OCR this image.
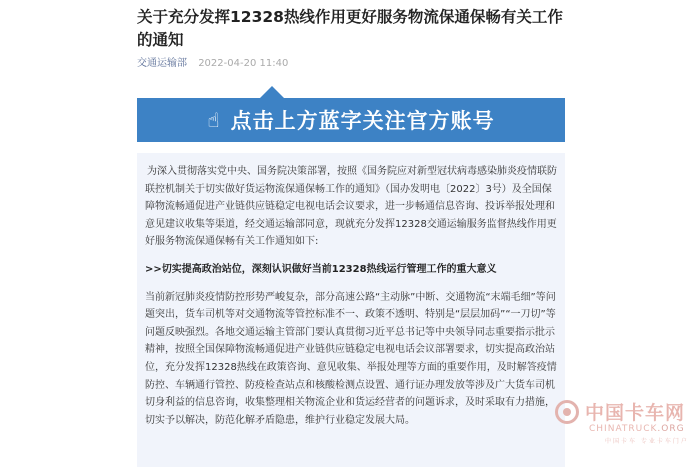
关于充分发挥12328热线作用更好服务物流保通保畅有关工作的通知
交通运输部 2022-04-20 11:40
☝ 点击上方蓝字关注官方账号

为深入贯彻落实党中央、国务院决策部署，按照《国务院应对新型冠状病毒感染肺炎疫情联防联控机制关于切实做好货运物流保通保畅工作的通知》（国办发明电〔2022〕3号）及全国保障物流畅通促进产业链供应链稳定电视电话会议要求，进一步畅通信息咨询、投诉举报处理和意见建议收集等渠道，经交通运输部同意，现就充分发挥12328交通运输服务监督热线作用更好服务物流保通保畅有关工作通知如下:

>>切实提高政治站位，深刻认识做好当前12328热线运行管理工作的重大意义

当前新冠肺炎疫情防控形势严峻复杂，部分高速公路“主动脉”中断、交通物流“末端毛细”等问题突出，货车司机等对交通物流等管控标准不一、政策不透明、特别是“层层加码”“一刀切”等问题反映强烈。各地交通运输主管部门要认真贯彻习近平总书记等中央领导同志重要指示批示精神，按照全国保障物流畅通促进产业链供应链稳定电视电话会议部署要求，切实提高政治站位，充分发挥12328热线在政策咨询、意见收集、举报处理等方面的重要作用，及时解答疫情防控、车辆通行管控、防疫检查站点和核酸检测点设置、通行证办理发放等涉及广大货车司机切身利益的信息咨询，收集整理相关物流企业和货运经营者的问题诉求，及时采取有力措施，切实予以解决，防范化解矛盾隐患，维护行业稳定发展大局。	中国卡车网
CHINATRUCK.ORG
中国卡车 专业卡车门户
